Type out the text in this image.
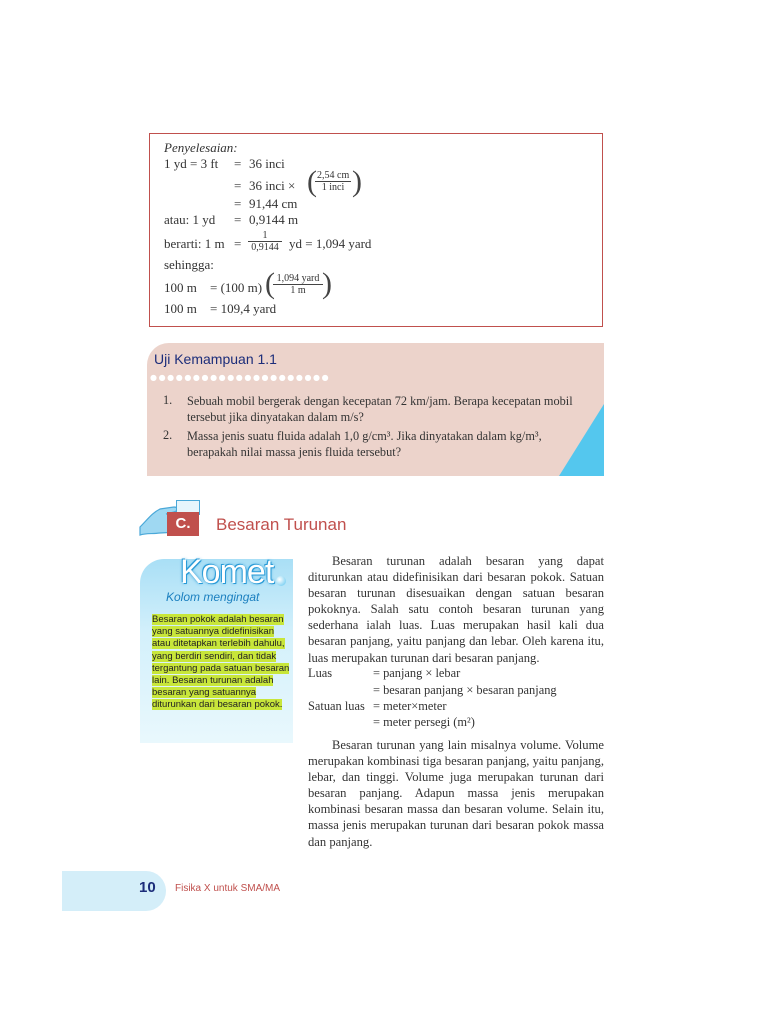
Penyelesaian:
1 yd = 3 ft = 36 inci
= 36 inci × ( 2,54 cm
1 inci )
= 91,44 cm
atau: 1 yd = 0,9144 m
berarti: 1 $m = \frac{1}{0,9144}$ yd = 1,094 yard
sehingga:
100 m = (100 m) ( 1,094 yard
1 m )
100 m = 109,4 yard
Uji Kemampuan 1.1
●●●●●●●●●●●●●●●●●●●●●
1. Sebuah mobil bergerak dengan kecepatan 72 km/jam. Berapa kecepatan mobil tersebut jika dinyatakan dalam m/s?
2. Massa jenis suatu fluida adalah 1,0 g/cm³. Jika dinyatakan dalam kg/m³, berapakah nilai massa jenis fluida tersebut?
C.	Besaran Turunan
Komet
Kolom mengingat
Besaran pokok adalah besaran yang satuannya didefinisikan atau ditetapkan terlebih dahulu, yang berdiri sendiri, dan tidak tergantung pada satuan besaran lain. Besaran turunan adalah besaran yang satuannya diturunkan dari besaran pokok.
Besaran turunan adalah besaran yang dapat diturunkan atau didefinisikan dari besaran pokok. Satuan besaran turunan disesuaikan dengan satuan besaran pokoknya. Salah satu contoh besaran turunan yang sederhana ialah luas. Luas merupakan hasil kali dua besaran panjang, yaitu panjang dan lebar. Oleh karena itu, luas merupakan turunan dari besaran panjang.
Luas	= panjang × lebar
= besaran panjang × besaran panjang
Satuan luas = meter×meter
= meter persegi (m²)
Besaran turunan yang lain misalnya volume. Volume merupakan kombinasi tiga besaran panjang, yaitu panjang, lebar, dan tinggi. Volume juga merupakan turunan dari besaran panjang. Adapun massa jenis merupakan kombinasi besaran massa dan besaran volume. Selain itu, massa jenis merupakan turunan dari besaran pokok massa dan panjang.
10 Fisika X untuk SMA/MA
